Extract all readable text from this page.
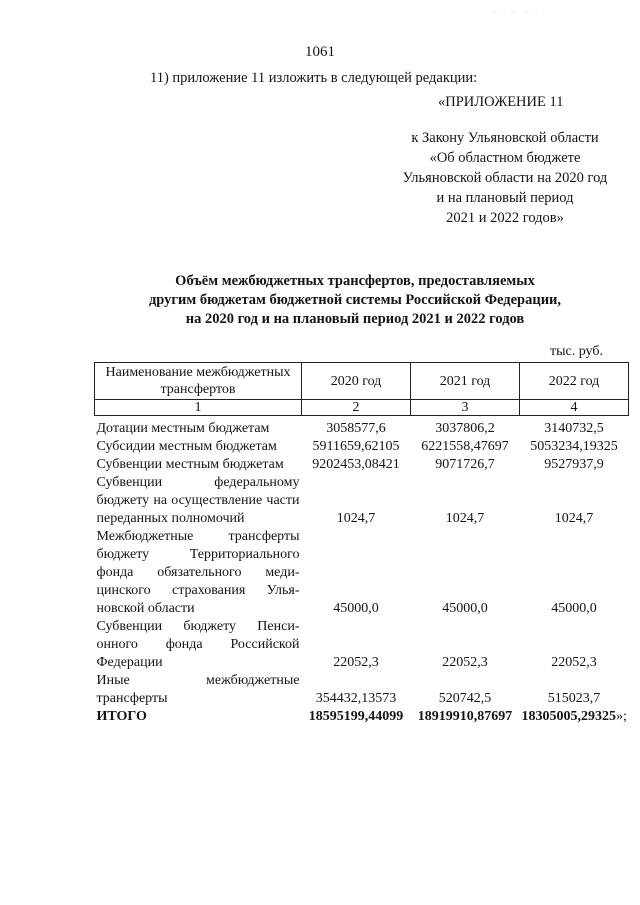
· · · · ·
1061
11) приложение 11 изложить в следующей редакции:
«ПРИЛОЖЕНИЕ 11
к Закону Ульяновской области
«Об областном бюджете
Ульяновской области на 2020 год
и на плановый период
2021 и 2022 годов»
Объём межбюджетных трансфертов, предоставляемых
другим бюджетам бюджетной системы Российской Федерации,
на 2020 год и на плановый период 2021 и 2022 годов
тыс. руб.
Наименование межбюджетных трансфертов	2020 год	2021 год	2022 год
1	2	3	4
Дотации местным бюджетам	3058577,6	3037806,2	3140732,5
Субсидии местным бюджетам	5911659,62105	6221558,47697	5053234,19325
Субвенции местным бюджетам	9202453,08421	9071726,7	9527937,9
Субвенции федеральному бюджету на осуществление части переданных полномочий	1024,7	1024,7	1024,7
Межбюджетные трансферты бюджету Территориального фонда обязательного медицинского страхования Ульяновской области	45000,0	45000,0	45000,0
Субвенции бюджету Пенсионного фонда Российской Федерации	22052,3	22052,3	22052,3
Иные межбюджетные трансферты	354432,13573	520742,5	515023,7
ИТОГО	18595199,44099	18919910,87697	18305005,29325»;
